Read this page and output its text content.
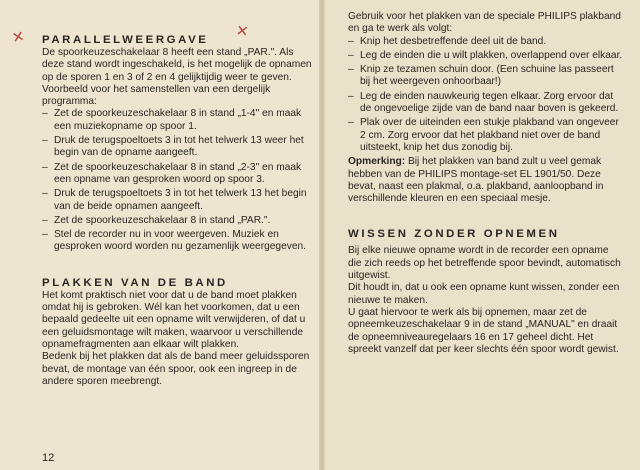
✕	✕
PARALLELWEERGAVE

De spoorkeuzeschakelaar 8 heeft een stand „PAR.". Als deze stand wordt ingeschakeld, is het mogelijk de opnamen op de sporen 1 en 3 of 2 en 4 gelijktijdig weer te geven.

Voorbeeld voor het samenstellen van een dergelijk programma:

– Zet de spoorkeuzeschakelaar 8 in stand „1-4" en maak een muziekopname op spoor 1.
– Druk de terugspoeltoets 3 in tot het telwerk 13 weer het begin van de opname aangeeft.
– Zet de spoorkeuzeschakelaar 8 in stand „2-3" en maak een opname van gesproken woord op spoor 3.
– Druk de terugspoeltoets 3 in tot het telwerk 13 het begin van de beide opnamen aangeeft.
– Zet de spoorkeuzeschakelaar 8 in stand „PAR.".
– Stel de recorder nu in voor weergeven. Muziek en gesproken woord worden nu gezamenlijk weergegeven.
PLAKKEN VAN DE BAND

Het komt praktisch niet voor dat u de band moet plakken omdat hij is gebroken. Wél kan het voorkomen, dat u een bepaald gedeelte uit een opname wilt verwijderen, of dat u een geluidsmontage wilt maken, waarvoor u verschillende opnamefragmenten aan elkaar wilt plakken.

Bedenk bij het plakken dat als de band meer geluidssporen bevat, de montage van één spoor, ook een ingreep in de andere sporen meebrengt.

12

Gebruik voor het plakken van de speciale PHILIPS plakband en ga te werk als volgt:

– Knip het desbetreffende deel uit de band.
– Leg de einden die u wilt plakken, overlappend over elkaar.
– Knip ze tezamen schuin door. (Een schuine las passeert bij het weergeven onhoorbaar!)
– Leg de einden nauwkeurig tegen elkaar. Zorg ervoor dat de ongevoelige zijde van de band naar boven is gekeerd.
– Plak over de uiteinden een stukje plakband van ongeveer 2 cm. Zorg ervoor dat het plakband niet over de band uitsteekt, knip het dus zonodig bij.

Opmerking: Bij het plakken van band zult u veel gemak hebben van de PHILIPS montage-set EL 1901/50. Deze bevat, naast een plakmal, o.a. plakband, aanloopband in verschillende kleuren en een speciaal mesje.

WISSEN ZONDER OPNEMEN

Bij elke nieuwe opname wordt in de recorder een opname die zich reeds op het betreffende spoor bevindt, automatisch uitgewist.

Dit houdt in, dat u ook een opname kunt wissen, zonder een nieuwe te maken.

U gaat hiervoor te werk als bij opnemen, maar zet de opneemkeuzeschakelaar 9 in de stand „MANUAL" en draait de opneemniveauregelaars 16 en 17 geheel dicht. Het spreekt vanzelf dat per keer slechts één spoor wordt gewist.
